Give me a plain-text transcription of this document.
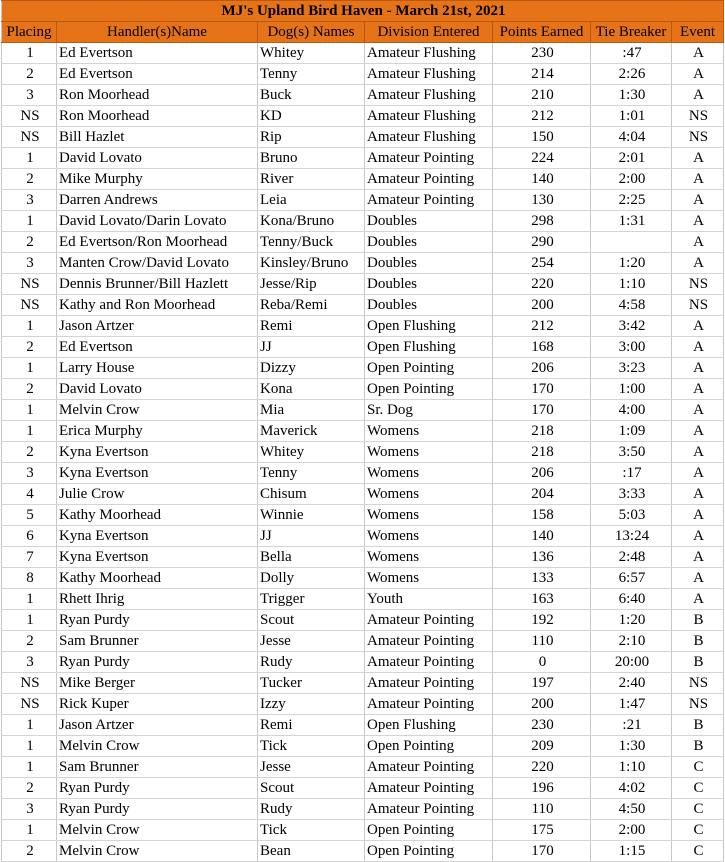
MJ's Upland Bird Haven - March 21st, 2021						
Placing	Handler(s)Name	Dog(s) Names	Division Entered	Points Earned	Tie Breaker	Event
1	Ed Evertson	Whitey	Amateur Flushing	230	:47	A
2	Ed Evertson	Tenny	Amateur Flushing	214	2:26	A
3	Ron Moorhead	Buck	Amateur Flushing	210	1:30	A
NS	Ron Moorhead	KD	Amateur Flushing	212	1:01	NS
NS	Bill Hazlet	Rip	Amateur Flushing	150	4:04	NS
1	David Lovato	Bruno	Amateur Pointing	224	2:01	A
2	Mike Murphy	River	Amateur Pointing	140	2:00	A
3	Darren Andrews	Leia	Amateur Pointing	130	2:25	A
1	David Lovato/Darin Lovato	Kona/Bruno	Doubles	298	1:31	A
2	Ed Evertson/Ron Moorhead	Tenny/Buck	Doubles	290		A
3	Manten Crow/David Lovato	Kinsley/Bruno	Doubles	254	1:20	A
NS	Dennis Brunner/Bill Hazlett	Jesse/Rip	Doubles	220	1:10	NS
NS	Kathy and Ron Moorhead	Reba/Remi	Doubles	200	4:58	NS
1	Jason Artzer	Remi	Open Flushing	212	3:42	A
2	Ed Evertson	JJ	Open Flushing	168	3:00	A
1	Larry House	Dizzy	Open Pointing	206	3:23	A
2	David Lovato	Kona	Open Pointing	170	1:00	A
1	Melvin Crow	Mia	Sr. Dog	170	4:00	A
1	Erica Murphy	Maverick	Womens	218	1:09	A
2	Kyna Evertson	Whitey	Womens	218	3:50	A
3	Kyna Evertson	Tenny	Womens	206	:17	A
4	Julie Crow	Chisum	Womens	204	3:33	A
5	Kathy Moorhead	Winnie	Womens	158	5:03	A
6	Kyna Evertson	JJ	Womens	140	13:24	A
7	Kyna Evertson	Bella	Womens	136	2:48	A
8	Kathy Moorhead	Dolly	Womens	133	6:57	A
1	Rhett Ihrig	Trigger	Youth	163	6:40	A
1	Ryan Purdy	Scout	Amateur Pointing	192	1:20	B
2	Sam Brunner	Jesse	Amateur Pointing	110	2:10	B
3	Ryan Purdy	Rudy	Amateur Pointing	0	20:00	B
NS	Mike Berger	Tucker	Amateur Pointing	197	2:40	NS
NS	Rick Kuper	Izzy	Amateur Pointing	200	1:47	NS
1	Jason Artzer	Remi	Open Flushing	230	:21	B
1	Melvin Crow	Tick	Open Pointing	209	1:30	B
1	Sam Brunner	Jesse	Amateur Pointing	220	1:10	C
2	Ryan Purdy	Scout	Amateur Pointing	196	4:02	C
3	Ryan Purdy	Rudy	Amateur Pointing	110	4:50	C
1	Melvin Crow	Tick	Open Pointing	175	2:00	C
2	Melvin Crow	Bean	Open Pointing	170	1:15	C
